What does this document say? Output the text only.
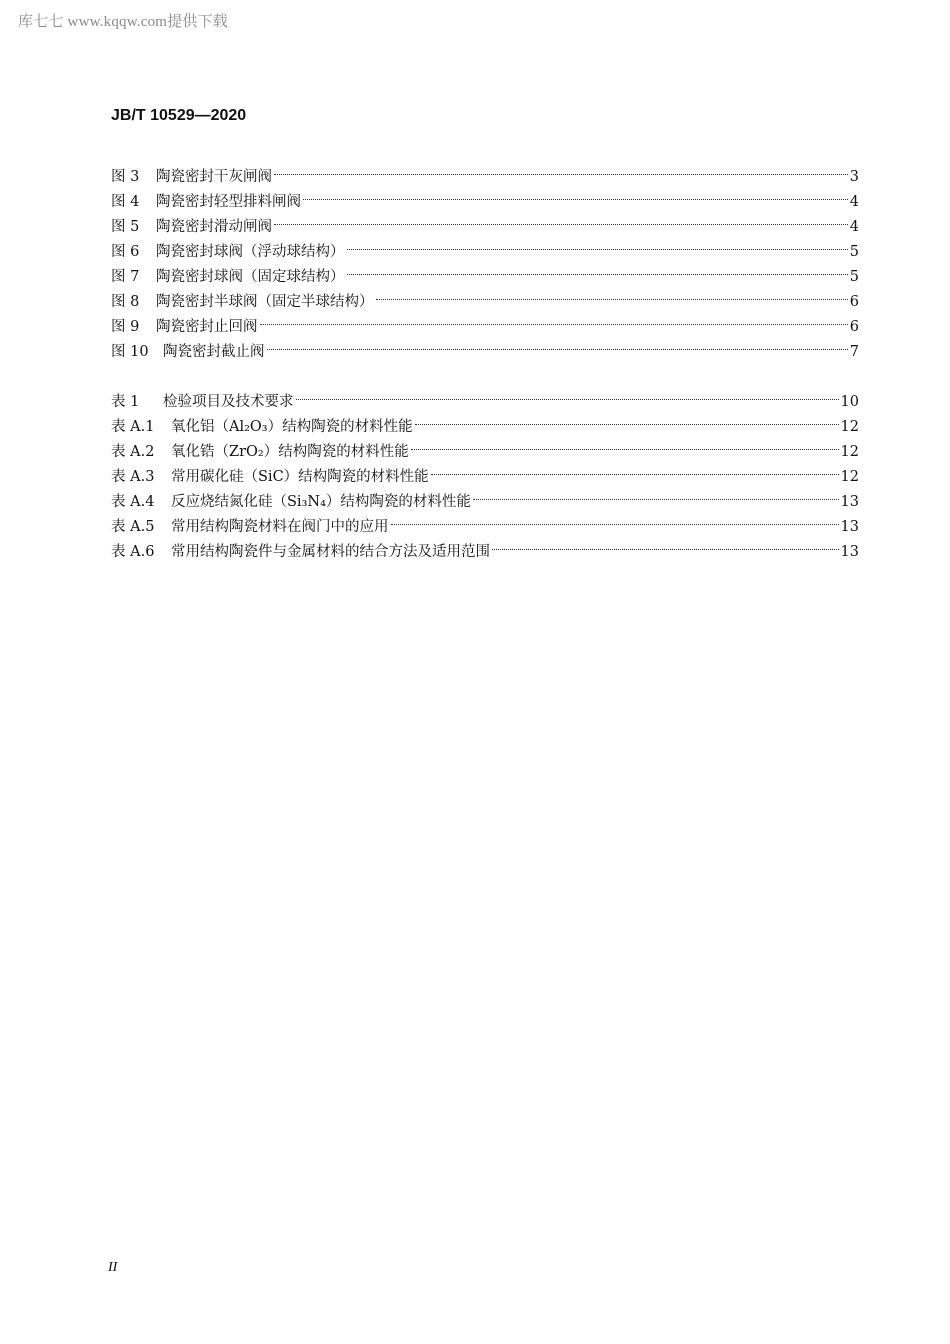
库七七 www.kqqw.com提供下载
JB/T 10529—2020
图 3	陶瓷密封干灰闸阀	3
图 4	陶瓷密封轻型排料闸阀	4
图 5	陶瓷密封滑动闸阀	4
图 6	陶瓷密封球阀（浮动球结构）	5
图 7	陶瓷密封球阀（固定球结构）	5
图 8	陶瓷密封半球阀（固定半球结构）	6
图 9	陶瓷密封止回阀	6
图 10 陶瓷密封截止阀	7
表 1	检验项目及技术要求	10
表 A.1	氧化铝（Al₂O₃）结构陶瓷的材料性能	12
表 A.2	氧化锆（ZrO₂）结构陶瓷的材料性能	12
表 A.3	常用碳化硅（SiC）结构陶瓷的材料性能	12
表 A.4	反应烧结氮化硅（Si₃N₄）结构陶瓷的材料性能	13
表 A.5	常用结构陶瓷材料在阀门中的应用	13
表 A.6	常用结构陶瓷件与金属材料的结合方法及适用范围	13
II
